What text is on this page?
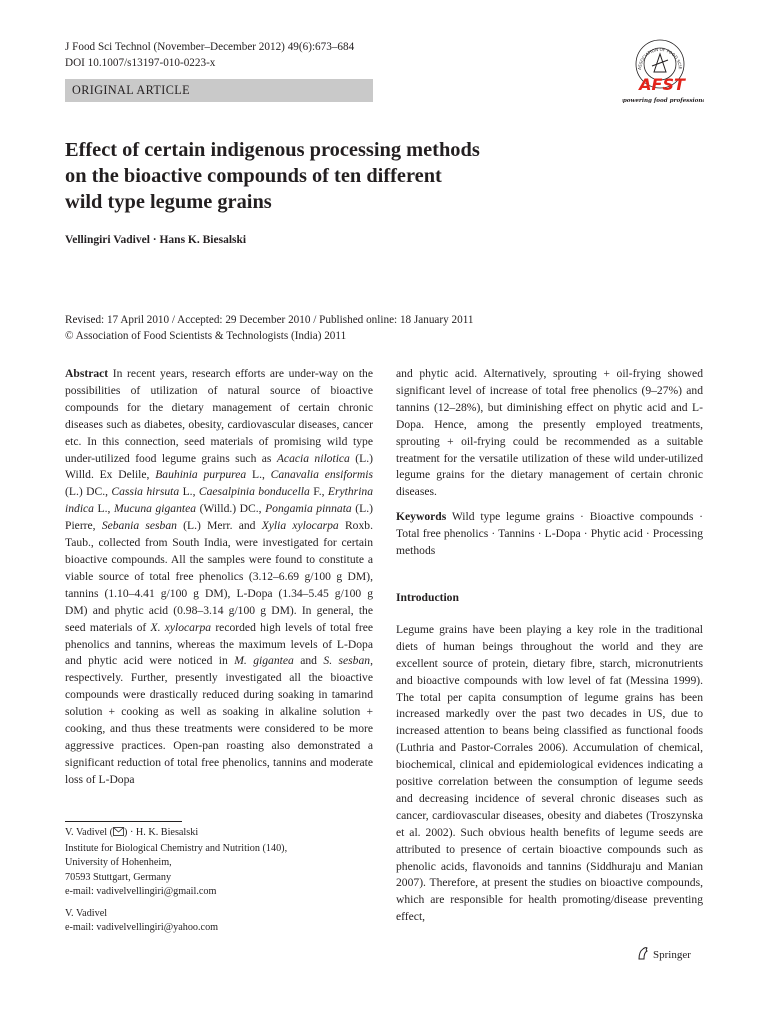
J Food Sci Technol (November–December 2012) 49(6):673–684
DOI 10.1007/s13197-010-0223-x
ORIGINAL ARTICLE
ASSOCIATION OF FOOD SCIE
AFST
powering food profession
Effect of certain indigenous processing methods
on the bioactive compounds of ten different
wild type legume grains
Vellingiri Vadivel · Hans K. Biesalski
Revised: 17 April 2010 / Accepted: 29 December 2010 / Published online: 18 January 2011
© Association of Food Scientists & Technologists (India) 2011

Abstract In recent years, research efforts are under-way on the possibilities of utilization of natural source of bioactive compounds for the dietary management of certain chronic diseases such as diabetes, obesity, cardiovascular diseases, cancer etc. In this connection, seed materials of promising wild type under-utilized food legume grains such as Acacia nilotica (L.) Willd. Ex Delile, Bauhinia purpurea L., Canavalia ensiformis (L.) DC., Cassia hirsuta L., Caesalpinia bonducella F., Erythrina indica L., Mucuna gigantea (Willd.) DC., Pongamia pinnata (L.) Pierre, Sebania sesban (L.) Merr. and Xylia xylocarpa Roxb. Taub., collected from South India, were investigated for certain bioactive compounds. All the samples were found to constitute a viable source of total free phenolics (3.12–6.69 g/100 g DM), tannins (1.10–4.41 g/100 g DM), L-Dopa (1.34–5.45 g/100 g DM) and phytic acid (0.98–3.14 g/100 g DM). In general, the seed materials of X. xylocarpa recorded high levels of total free phenolics and tannins, whereas the maximum levels of L-Dopa and phytic acid were noticed in M. gigantea and S. sesban, respectively. Further, presently investigated all the bioactive compounds were drastically reduced during soaking in tamarind solution + cooking as well as soaking in alkaline solution + cooking, and thus these treatments were considered to be more aggressive practices. Open-pan roasting also demonstrated a significant reduction of total free phenolics, tannins and moderate loss of L-Dopa

V. Vadivel ( ) · H. K. Biesalski

Institute for Biological Chemistry and Nutrition (140),

University of Hohenheim,

70593 Stuttgart, Germany

e-mail: vadivelvellingiri@gmail.com

V. Vadivel

e-mail: vadivelvellingiri@yahoo.com

and phytic acid. Alternatively, sprouting + oil-frying showed significant level of increase of total free phenolics (9–27%) and tannins (12–28%), but diminishing effect on phytic acid and L-Dopa. Hence, among the presently employed treatments, sprouting + oil-frying could be recommended as a suitable treatment for the versatile utilization of these wild under-utilized legume grains for the dietary management of certain chronic diseases.

Keywords Wild type legume grains · Bioactive compounds · Total free phenolics · Tannins · L-Dopa · Phytic acid · Processing methods

Introduction

Legume grains have been playing a key role in the traditional diets of human beings throughout the world and they are excellent source of protein, dietary fibre, starch, micronutrients and bioactive compounds with low level of fat (Messina 1999). The total per capita consumption of legume grains has been increased markedly over the past two decades in US, due to increased attention to beans being classified as functional foods (Luthria and Pastor-Corrales 2006). Accumulation of chemical, biochemical, clinical and epidemiological evidences indicating a positive correlation between the consumption of legume seeds and decreasing incidence of several chronic diseases such as cancer, cardiovascular diseases, obesity and diabetes (Troszynska et al. 2002). Such obvious health benefits of legume seeds are attributed to presence of certain bioactive compounds such as phenolic acids, flavonoids and tannins (Siddhuraju and Manian 2007). Therefore, at present the studies on bioactive compounds, which are responsible for health promoting/disease preventing effect,

Springer
